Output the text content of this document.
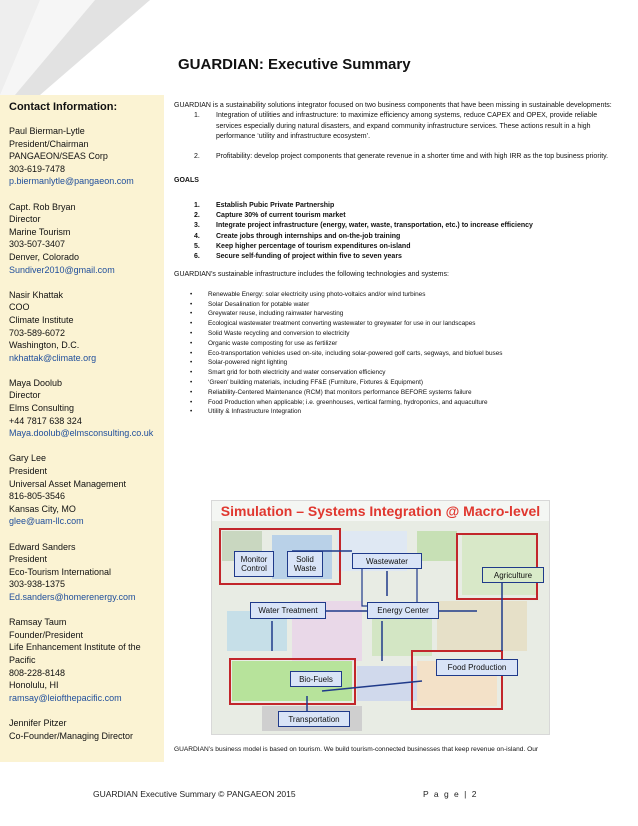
GUARDIAN: Executive Summary
Contact Information:
Paul Bierman-Lytle
President/Chairman
PANGAEON/SEAS Corp
303-619-7478
p.biermanlytle@pangaeon.com
Capt. Rob Bryan
Director
Marine Tourism
303-507-3407
Denver, Colorado
Sundiver2010@gmail.com
Nasir Khattak
COO
Climate Institute
703-589-6072
Washington, D.C.
nkhattak@climate.org
Maya Doolub
Director
Elms Consulting
+44 7817 638 324
Maya.doolub@elmsconsulting.co.uk
Gary Lee
President
Universal Asset Management
816-805-3546
Kansas City, MO
glee@uam-llc.com
Edward Sanders
President
Eco-Tourism International
303-938-1375
Ed.sanders@homerenergy.com
Ramsay Taum
Founder/President
Life Enhancement Institute of the Pacific
808-228-8148
Honolulu, HI
ramsay@leiofthepacific.com
Jennifer Pitzer
Co-Founder/Managing Director

GUARDIAN is a sustainability solutions integrator focused on two business components that have been missing in sustainable developments:

1.	Integration of utilities and infrastructure: to maximize efficiency among systems, reduce CAPEX and OPEX, provide reliable services especially during natural disasters, and expand community infrastructure services. These actions result in a high performance ‘utility and infrastructure ecosystem’.
2.	Profitability: develop project components that generate revenue in a shorter time and with high IRR as the top business priority.

GOALS

1.	Establish Pubic Private Partnership
2.	Capture 30% of current tourism market
3.	Integrate project infrastructure (energy, water, waste, transportation, etc.) to increase efficiency
4.	Create jobs through internships and on-the-job training
5.	Keep higher percentage of tourism expenditures on-island
6.	Secure self-funding of project within five to seven years

GUARDIAN’s sustainable infrastructure includes the following technologies and systems:

•	Renewable Energy: solar electricity using photo-voltaics and/or wind turbines
•	Solar Desalination for potable water
•	Greywater reuse, including rainwater harvesting
•	Ecological wastewater treatment converting wastewater to greywater for use in our landscapes
•	Solid Waste recycling and conversion to electricity
•	Organic waste composting for use as fertilizer
•	Eco-transportation vehicles used on-site, including solar-powered golf carts, segways, and biofuel buses
•	Solar-powered night lighting
•	Smart grid for both electricity and water conservation efficiency
•	‘Green’ building materials, including FF&E (Furniture, Fixtures & Equipment)
•	Reliability-Centered Maintenance (RCM) that monitors performance BEFORE systems failure
•	Food Production when applicable; i.e. greenhouses, vertical farming, hydroponics, and aquaculture
•	Utility & Infrastructure Integration
Simulation – Systems Integration @ Macro-level
Monitor Control
Solid Waste
Wastewater
Agriculture
Water Treatment	Energy Center
Bio-Fuels
Food Production
Transportation
GUARDIAN’s business model is based on tourism. We build tourism-connected businesses that keep revenue on-island. Our
GUARDIAN Executive Summary © PANGAEON 2015	P a g e | 2
